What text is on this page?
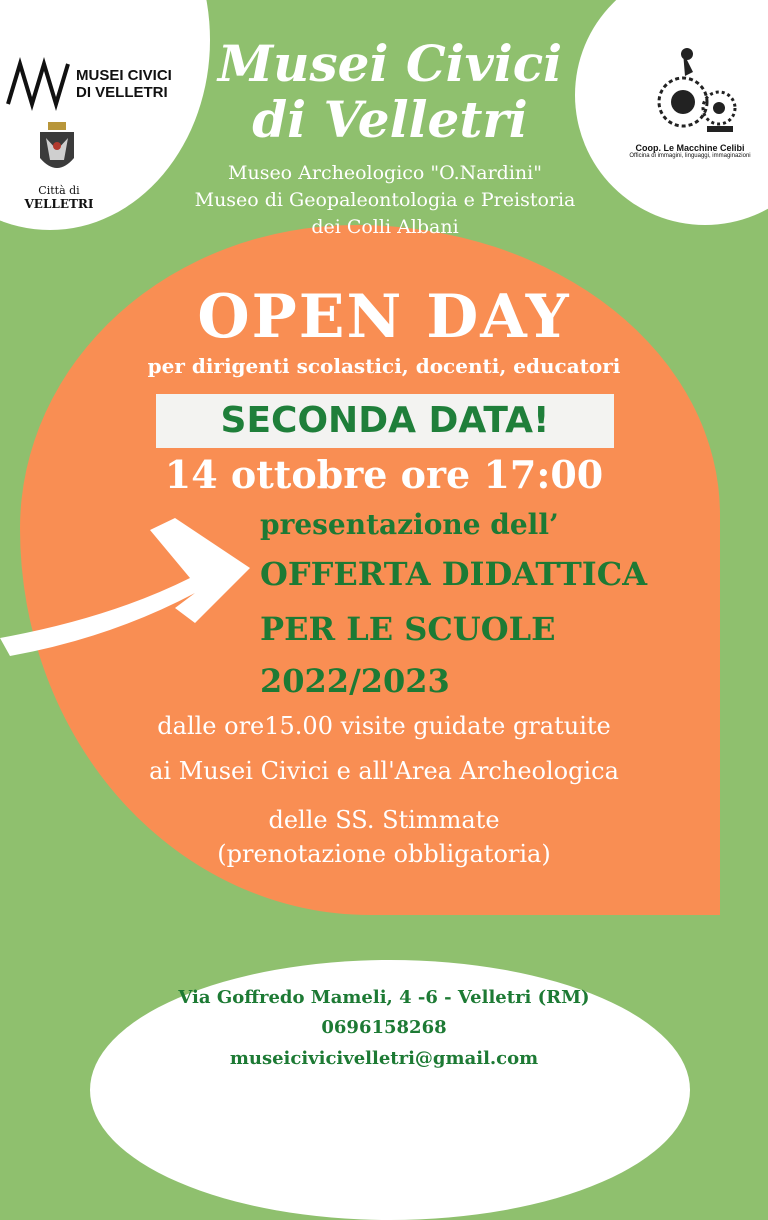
MUSEI CIVICI
DI VELLETRI
Città di
VELLETRI
Coop. Le Macchine Celibi
Officina di immagini, linguaggi, immaginazioni
Musei Civici
di Velletri
Museo Archeologico "O.Nardini"
Museo di Geopaleontologia e Preistoria
dei Colli Albani
OPEN DAY
per dirigenti scolastici, docenti, educatori
SECONDA DATA!
14 ottobre ore 17:00
presentazione dell’
OFFERTA DIDATTICA
PER LE SCUOLE
2022/2023
dalle ore15.00 visite guidate gratuite
ai Musei Civici e all'Area Archeologica
delle SS. Stimmate
(prenotazione obbligatoria)
Via Goffredo Mameli, 4 -6 - Velletri (RM)
0696158268
museicivicivelletri@gmail.com
